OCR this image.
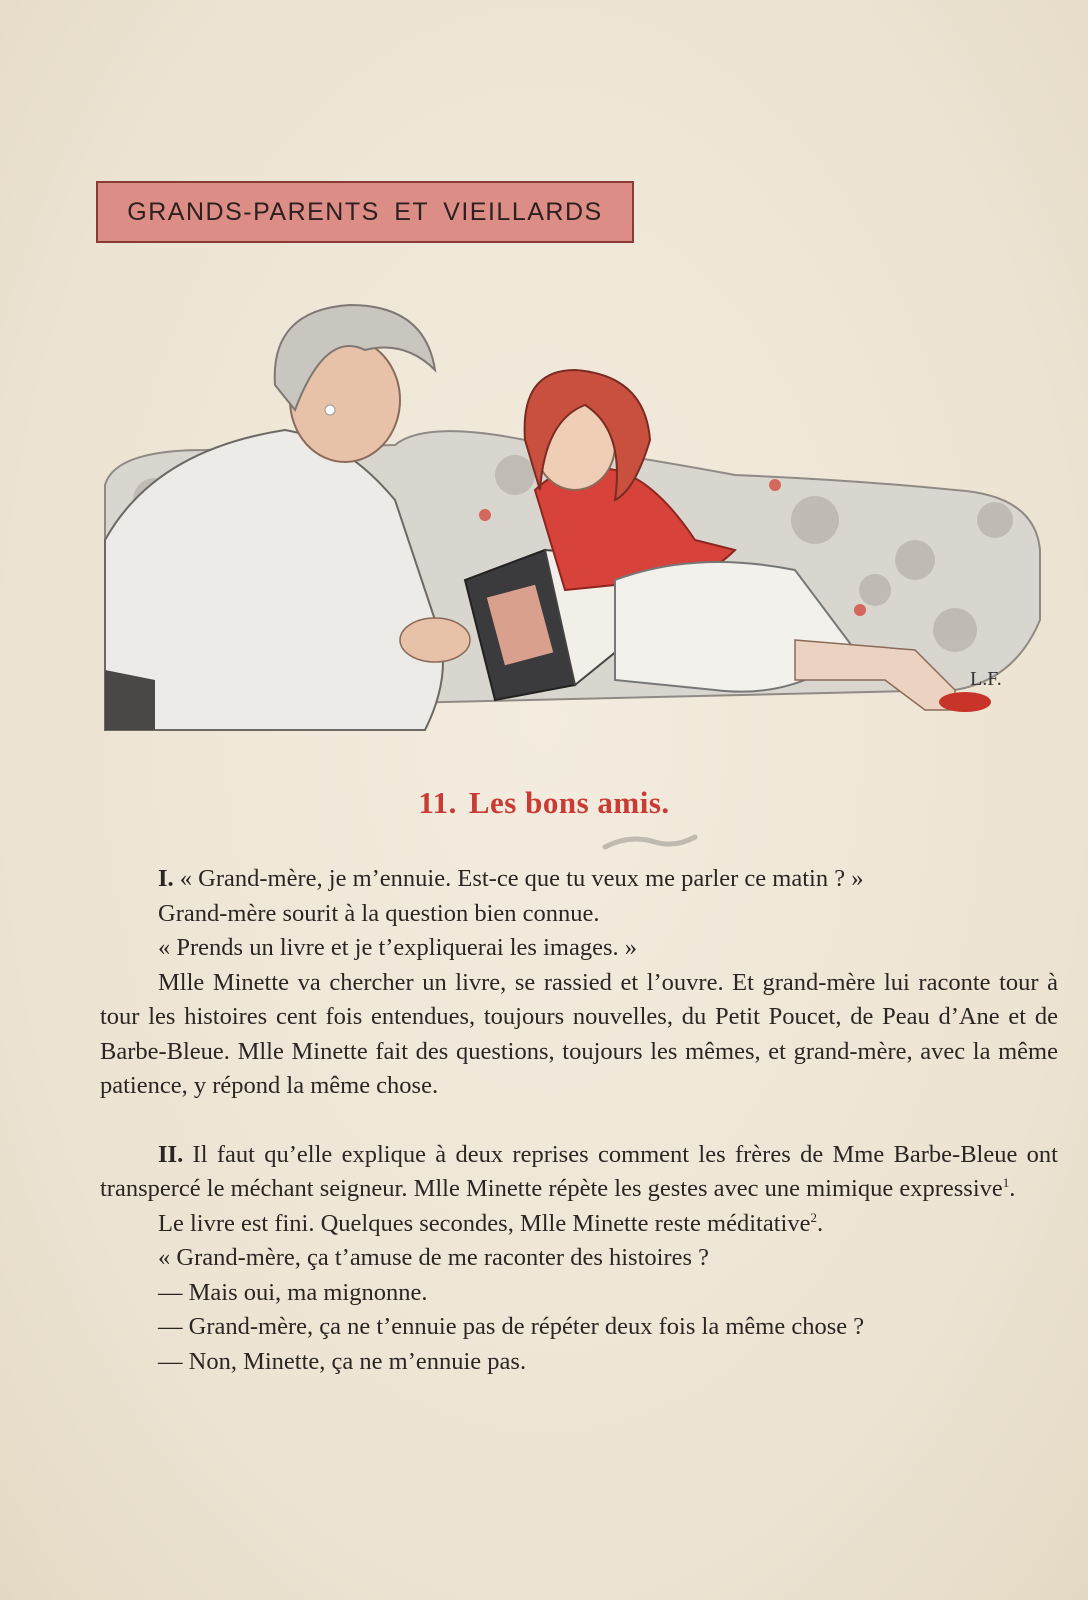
GRANDS-PARENTS ET VIEILLARDS
L.F.
11. Les bons amis.

I. « Grand-mère, je m’ennuie. Est-ce que tu veux me parler ce matin ? »

Grand-mère sourit à la question bien connue.

« Prends un livre et je t’expliquerai les images. »

Mlle Minette va chercher un livre, se rassied et l’ouvre. Et grand-mère lui raconte tour à tour les histoires cent fois entendues, toujours nouvelles, du Petit Poucet, de Peau d’Ane et de Barbe-Bleue. Mlle Minette fait des questions, toujours les mêmes, et grand-mère, avec la même patience, y répond la même chose.

II. Il faut qu’elle explique à deux reprises comment les frères de Mme Barbe-Bleue ont transpercé le méchant seigneur. Mlle Minette répète les gestes avec une mimique expressive$^1$.

Le livre est fini. Quelques secondes, Mlle Minette reste méditative$^2$.

« Grand-mère, ça t’amuse de me raconter des histoires ?

— Mais oui, ma mignonne.

— Grand-mère, ça ne t’ennuie pas de répéter deux fois la même chose ?

— Non, Minette, ça ne m’ennuie pas.
